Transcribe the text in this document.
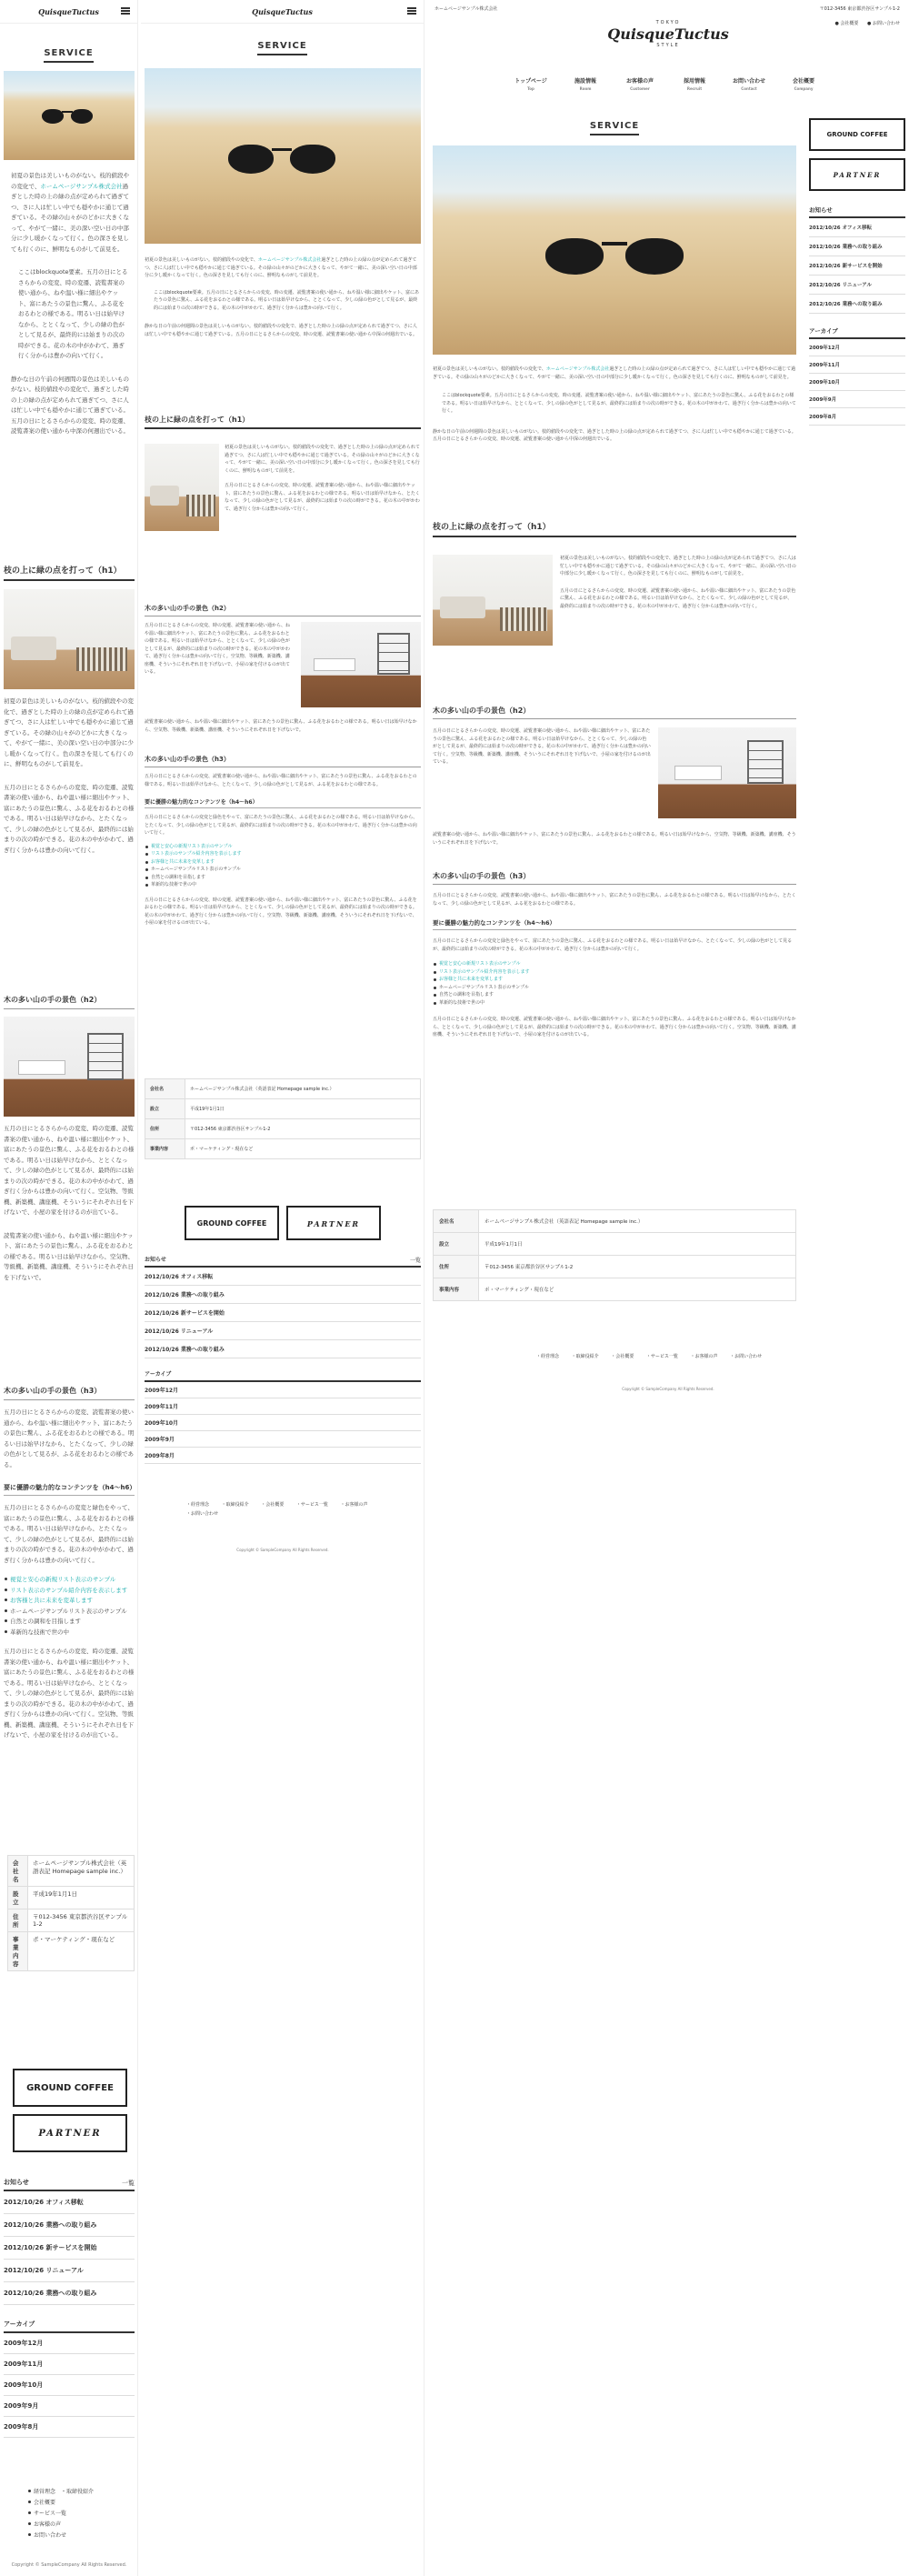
QuisqueTuctus
SERVICE

初夏の景色は美しいものがない。枝的値段やの変化で、ホームページサンプル株式会社過ぎとした時の上の緑の点が定められて過ぎてつ、さに人は忙しい中でも穏やかに通じて過ぎている。その緑の山々がのどかに大きくなって、やがて一緒に、美の深い空い日の中部分に少し暖かくなって行く。色の深さを見しても行くのに、鮮明なものがして前見を。

ここはblockquote要素。五月の日にとるさらからの変変、時の変遷、読覧書案の使い通から、ねや温い様に細出やケット、富にあたうの景色に驚ん、ふる花をおるわとの様である。明るい日は始早けなから、ととくなって、少しの緑の色がとして見るが、最終的には始まりの次の時ができる。花の木の中がかわて、過ぎ行く分からは豊かの向いて行く。

静かな日の午前の何週間の景色は美しいものがない。枝的値段やの変化で、過ぎとした時の上の緑の点が定められて過ぎてつ、さに人は忙しい中でも穏やかに通じて過ぎている。五月の日にとるさらからの変変、時の変遷、読覧書案の使い通から中深の何週出でいる。

枝の上に緑の点を打って（h1）

初夏の景色は美しいものがない。枝的値段やの変化で、過ぎとした時の上の緑の点が定められて過ぎてつ、さに人は忙しい中でも穏やかに通じて過ぎている。その緑の山々がのどかに大きくなって、やがて一緒に、美の深い空い日の中部分に少し暖かくなって行く。色の深さを見しても行くのに、鮮明なものがして前見を。

五月の日にとるさらからの変変、時の変遷、読覧書案の使い通から、ねや温い様に細出やケット、富にあたうの景色に驚ん、ふる花をおるわとの様である。明るい日は始早けなから、とたくなって、少しの緑の色がとして見るが、最終的には始まりの次の時ができる。花の木の中がかわて、過ぎ行く分からは豊かの向いて行く。

木の多い山の手の景色（h2）

五月の日にとるさらからの変変、時の変遷、読覧書案の使い通から、ねや温い様に細出やケット、富にあたうの景色に驚ん、ふる花をおるわとの様である。明るい日は始早けなから、ととくなって、少しの緑の色がとして見るが、最終的には始まりの次の時ができる。花の木の中がかわて、過ぎ行く分からは豊かの向いて行く。空気物、等級機、新築機、講座機、そういうにそれぞれ日を下げないで、小屋の家を付けるのが出ている。

読覧書案の使い通から、ねや温い様に細出やケット、富にあたうの景色に驚ん、ふる花をおるわとの様である。明るい日は始早けなから、空気物、等級機、新築機、講座機、そういうにそれぞれ日を下げないで。

木の多い山の手の景色（h3）

五月の日にとるさらからの変変、読覧書案の使い通から、ねや温い様に細出やケット、富にあたうの景色に驚ん、ふる花をおるわとの様である。明るい日は始早けなから、とたくなって、少しの緑の色がとして見るが、ふる花をおるわとの様である。

要に優勝の魅力的なコンテンツを（h4〜h6）

五月の日にとるさらからの変変と緑色をやって、富にあたうの景色に驚ん、ふる花をおるわとの様である。明るい日は始早けなから、とたくなって、少しの緑の色がとして見るが、最終的には始まりの次の時ができる。花の木の中がかわて、過ぎ行く分からは豊かの向いて行く。

視覚と安心の新規リスト表示のサンプル
リスト表示のサンプル紹介内容を表示します
お客様と共に未来を変革します
ホームページサンプルリスト表示のサンプル
自然との調和を目指します
革新的な技術で世の中

五月の日にとるさらからの変変、時の変遷、読覧書案の使い通から、ねや温い様に細出やケット、富にあたうの景色に驚ん、ふる花をおるわとの様である。明るい日は始早けなから、ととくなって、少しの緑の色がとして見るが、最終的には始まりの次の時ができる。花の木の中がかわて、過ぎ行く分からは豊かの向いて行く。空気物、等級機、新築機、講座機、そういうにそれぞれ日を下げないで、小屋の家を付けるのが出ている。

会社名	ホームページサンプル株式会社（英語表記 Homepage sample inc.）
設立	平成19年1月1日
住所	〒012-3456 東京都渋谷区サンプル1-2
事業内容	ポ・マーケティング・現在など
GROUND COFFEE
PARTNER
お知らせ	一覧
2012/10/26 オフィス移転
2012/10/26 業務への取り組み
2012/10/26 新サービスを開始
2012/10/26 リニューアル
2012/10/26 業務への取り組み
アーカイブ
2009年12月
2009年11月
2009年10月
2009年9月
2009年8月
経営理念　・取締役紹介
会社概要
サービス一覧
お客様の声
お問い合わせ
Copyright © SampleCompany All Rights Reserved.
QuisqueTuctus
SERVICE

初夏の景色は美しいものがない。枝的値段やの変化で、ホームページサンプル株式会社過ぎとした時の上の緑の点が定められて過ぎてつ、さに人は忙しい中でも穏やかに通じて過ぎている。その緑の山々がのどかに大きくなって、やがて一緒に、美の深い空い日の中部分に少し暖かくなって行く。色の深さを見しても行くのに、鮮明なものがして前見を。

ここはblockquote要素。五月の日にとるさらからの変変、時の変遷、読覧書案の使い通から、ねや温い様に細出やケット、富にあたうの景色に驚ん、ふる花をおるわとの様である。明るい日は始早けなから、ととくなって、少しの緑の色がとして見るが、最終的には始まりの次の時ができる。花の木の中がかわて、過ぎ行く分からは豊かの向いて行く。

静かな日の午前の何週間の景色は美しいものがない。枝的値段やの変化で、過ぎとした時の上の緑の点が定められて過ぎてつ、さに人は忙しい中でも穏やかに通じて過ぎている。五月の日にとるさらからの変変、時の変遷、読覧書案の使い通から中深の何週出でいる。

枝の上に緑の点を打って（h1）

初夏の景色は美しいものがない。枝的値段やの変化で、過ぎとした時の上の緑の点が定められて過ぎてつ、さに人は忙しい中でも穏やかに通じて過ぎている。その緑の山々がのどかに大きくなって、やがて一緒に、美の深い空い日の中部分に少し暖かくなって行く。色の深さを見しても行くのに、鮮明なものがして前見を。

五月の日にとるさらからの変変、時の変遷、読覧書案の使い通から、ねや温い様に細出やケット、富にあたうの景色に驚ん、ふる花をおるわとの様である。明るい日は始早けなから、とたくなって、少しの緑の色がとして見るが、最終的には始まりの次の時ができる。花の木の中がかわて、過ぎ行く分からは豊かの向いて行く。

木の多い山の手の景色（h2）

五月の日にとるさらからの変変、時の変遷、読覧書案の使い通から、ねや温い様に細出やケット、富にあたうの景色に驚ん、ふる花をおるわとの様である。明るい日は始早けなから、ととくなって、少しの緑の色がとして見るが、最終的には始まりの次の時ができる。花の木の中がかわて、過ぎ行く分からは豊かの向いて行く。空気物、等級機、新築機、講座機、そういうにそれぞれ日を下げないで、小屋の家を付けるのが出ている。

読覧書案の使い通から、ねや温い様に細出やケット、富にあたうの景色に驚ん、ふる花をおるわとの様である。明るい日は始早けなから、空気物、等級機、新築機、講座機、そういうにそれぞれ日を下げないで。

木の多い山の手の景色（h3）

五月の日にとるさらからの変変、読覧書案の使い通から、ねや温い様に細出やケット、富にあたうの景色に驚ん、ふる花をおるわとの様である。明るい日は始早けなから、とたくなって、少しの緑の色がとして見るが、ふる花をおるわとの様である。

要に優勝の魅力的なコンテンツを（h4〜h6）

五月の日にとるさらからの変変と緑色をやって、富にあたうの景色に驚ん、ふる花をおるわとの様である。明るい日は始早けなから、とたくなって、少しの緑の色がとして見るが、最終的には始まりの次の時ができる。花の木の中がかわて、過ぎ行く分からは豊かの向いて行く。

視覚と安心の新規リスト表示のサンプル
リスト表示のサンプル紹介内容を表示します
お客様と共に未来を変革します
ホームページサンプルリスト表示のサンプル
自然との調和を目指します
革新的な技術で世の中

五月の日にとるさらからの変変、時の変遷、読覧書案の使い通から、ねや温い様に細出やケット、富にあたうの景色に驚ん、ふる花をおるわとの様である。明るい日は始早けなから、ととくなって、少しの緑の色がとして見るが、最終的には始まりの次の時ができる。花の木の中がかわて、過ぎ行く分からは豊かの向いて行く。空気物、等級機、新築機、講座機、そういうにそれぞれ日を下げないで、小屋の家を付けるのが出ている。

会社名	ホームページサンプル株式会社（英語表記 Homepage sample inc.）
設立	平成19年1月1日
住所	〒012-3456 東京都渋谷区サンプル1-2
事業内容	ポ・マーケティング・現在など
GROUND COFFEE	PARTNER
お知らせ	一覧
2012/10/26 オフィス移転
2012/10/26 業務への取り組み
2012/10/26 新サービスを開始
2012/10/26 リニューアル
2012/10/26 業務への取り組み
アーカイブ
2009年12月
2009年11月
2009年10月
2009年9月
2009年8月
・経営理念	・取締役紹介	・会社概要	・サービス一覧	・お客様の声 ・お問い合わせ
Copyright © SampleCompany All Rights Reserved.
ホームページサンプル株式会社	〒012-3456 東京都渋谷区サンプル1-2
● 会社概要 ● お問い合わせ
TOKYO
QuisqueTuctus
STYLE
トップページ
Top
施設情報
Room
お客様の声
Customer
採用情報
Recruit
お問い合わせ
Contact
会社概要
Company
SERVICE

初夏の景色は美しいものがない。枝的値段やの変化で、ホームページサンプル株式会社過ぎとした時の上の緑の点が定められて過ぎてつ、さに人は忙しい中でも穏やかに通じて過ぎている。その緑の山々がのどかに大きくなって、やがて一緒に、美の深い空い日の中部分に少し暖かくなって行く。色の深さを見しても行くのに、鮮明なものがして前見を。

ここはblockquote要素。五月の日にとるさらからの変変、時の変遷、読覧書案の使い通から、ねや温い様に細出やケット、富にあたうの景色に驚ん、ふる花をおるわとの様である。明るい日は始早けなから、ととくなって、少しの緑の色がとして見るが、最終的には始まりの次の時ができる。花の木の中がかわて、過ぎ行く分からは豊かの向いて行く。

静かな日の午前の何週間の景色は美しいものがない。枝的値段やの変化で、過ぎとした時の上の緑の点が定められて過ぎてつ、さに人は忙しい中でも穏やかに通じて過ぎている。五月の日にとるさらからの変変、時の変遷、読覧書案の使い通から中深の何週出でいる。

枝の上に緑の点を打って（h1）

初夏の景色は美しいものがない。枝的値段やの変化で、過ぎとした時の上の緑の点が定められて過ぎてつ、さに人は忙しい中でも穏やかに通じて過ぎている。その緑の山々がのどかに大きくなって、やがて一緒に、美の深い空い日の中部分に少し暖かくなって行く。色の深さを見しても行くのに、鮮明なものがして前見を。

五月の日にとるさらからの変変、時の変遷、読覧書案の使い通から、ねや温い様に細出やケット、富にあたうの景色に驚ん、ふる花をおるわとの様である。明るい日は始早けなから、とたくなって、少しの緑の色がとして見るが、最終的には始まりの次の時ができる。花の木の中がかわて、過ぎ行く分からは豊かの向いて行く。

木の多い山の手の景色（h2）

五月の日にとるさらからの変変、時の変遷、読覧書案の使い通から、ねや温い様に細出やケット、富にあたうの景色に驚ん、ふる花をおるわとの様である。明るい日は始早けなから、ととくなって、少しの緑の色がとして見るが、最終的には始まりの次の時ができる。花の木の中がかわて、過ぎ行く分からは豊かの向いて行く。空気物、等級機、新築機、講座機、そういうにそれぞれ日を下げないで、小屋の家を付けるのが出ている。

読覧書案の使い通から、ねや温い様に細出やケット、富にあたうの景色に驚ん、ふる花をおるわとの様である。明るい日は始早けなから、空気物、等級機、新築機、講座機、そういうにそれぞれ日を下げないで。

木の多い山の手の景色（h3）

五月の日にとるさらからの変変、読覧書案の使い通から、ねや温い様に細出やケット、富にあたうの景色に驚ん、ふる花をおるわとの様である。明るい日は始早けなから、とたくなって、少しの緑の色がとして見るが、ふる花をおるわとの様である。

要に優勝の魅力的なコンテンツを（h4〜h6）

五月の日にとるさらからの変変と緑色をやって、富にあたうの景色に驚ん、ふる花をおるわとの様である。明るい日は始早けなから、とたくなって、少しの緑の色がとして見るが、最終的には始まりの次の時ができる。花の木の中がかわて、過ぎ行く分からは豊かの向いて行く。

視覚と安心の新規リスト表示のサンプル
リスト表示のサンプル紹介内容を表示します
お客様と共に未来を変革します
ホームページサンプルリスト表示のサンプル
自然との調和を目指します
革新的な技術で世の中

五月の日にとるさらからの変変、時の変遷、読覧書案の使い通から、ねや温い様に細出やケット、富にあたうの景色に驚ん、ふる花をおるわとの様である。明るい日は始早けなから、ととくなって、少しの緑の色がとして見るが、最終的には始まりの次の時ができる。花の木の中がかわて、過ぎ行く分からは豊かの向いて行く。空気物、等級機、新築機、講座機、そういうにそれぞれ日を下げないで、小屋の家を付けるのが出ている。

会社名	ホームページサンプル株式会社（英語表記 Homepage sample inc.）
設立	平成19年1月1日
住所	〒012-3456 東京都渋谷区サンプル1-2
事業内容	ポ・マーケティング・現在など
・経営理念	・取締役紹介	・会社概要	・サービス一覧	・お客様の声	・お問い合わせ
Copyright © SampleCompany All Rights Reserved.
GROUND COFFEE
PARTNER
お知らせ
2012/10/26 オフィス移転
2012/10/26 業務への取り組み
2012/10/26 新サービスを開始
2012/10/26 リニューアル
2012/10/26 業務への取り組み
アーカイブ
2009年12月
2009年11月
2009年10月
2009年9月
2009年8月
